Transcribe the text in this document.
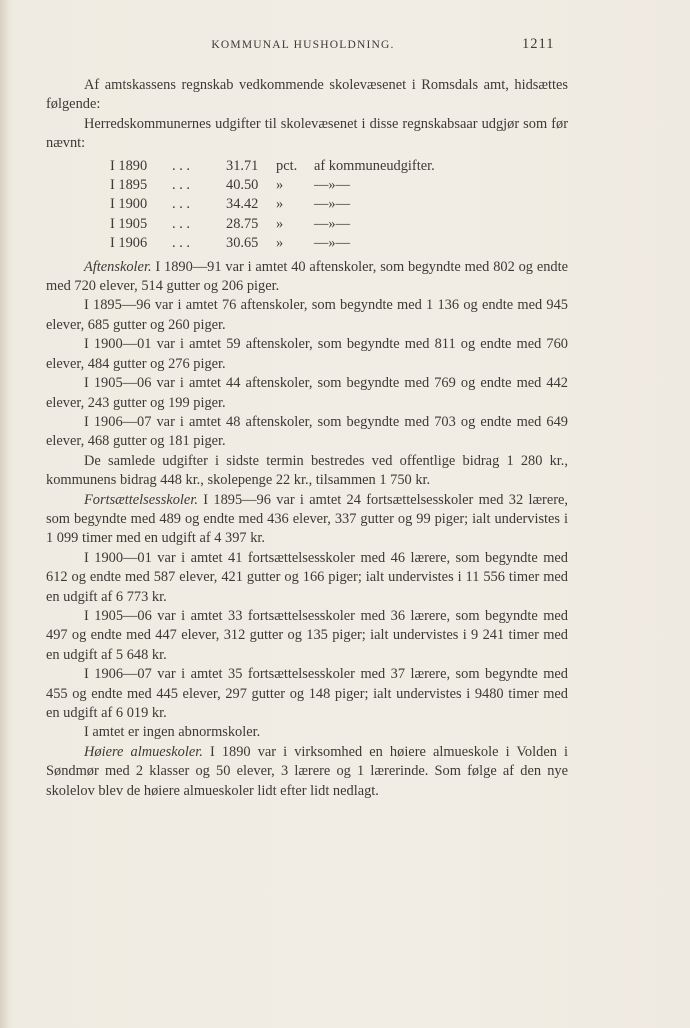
KOMMUNAL HUSHOLDNING.	1211

Af amtskassens regnskab vedkommende skolevæsenet i Romsdals amt, hidsættes følgende:

Herredskommunernes udgifter til skolevæsenet i disse regnskabsaar udgjør som før nævnt:

I 1890	. . .	31.71	pct.	af kommuneudgifter.
I 1895	. . .	40.50	»	—»—
I 1900	. . .	34.42	»	—»—
I 1905	. . .	28.75	»	—»—
I 1906	. . .	30.65	»	—»—

Aftenskoler. I 1890—91 var i amtet 40 aftenskoler, som begyndte med 802 og endte med 720 elever, 514 gutter og 206 piger.

I 1895—96 var i amtet 76 aftenskoler, som begyndte med 1 136 og endte med 945 elever, 685 gutter og 260 piger.

I 1900—01 var i amtet 59 aftenskoler, som begyndte med 811 og endte med 760 elever, 484 gutter og 276 piger.

I 1905—06 var i amtet 44 aftenskoler, som begyndte med 769 og endte med 442 elever, 243 gutter og 199 piger.

I 1906—07 var i amtet 48 aftenskoler, som begyndte med 703 og endte med 649 elever, 468 gutter og 181 piger.

De samlede udgifter i sidste termin bestredes ved offentlige bidrag 1 280 kr., kommunens bidrag 448 kr., skolepenge 22 kr., tilsammen 1 750 kr.

Fortsættelsesskoler. I 1895—96 var i amtet 24 fortsættelsesskoler med 32 lærere, som begyndte med 489 og endte med 436 elever, 337 gutter og 99 piger; ialt undervistes i 1 099 timer med en udgift af 4 397 kr.

I 1900—01 var i amtet 41 fortsættelsesskoler med 46 lærere, som begyndte med 612 og endte med 587 elever, 421 gutter og 166 piger; ialt undervistes i 11 556 timer med en udgift af 6 773 kr.

I 1905—06 var i amtet 33 fortsættelsesskoler med 36 lærere, som begyndte med 497 og endte med 447 elever, 312 gutter og 135 piger; ialt undervistes i 9 241 timer med en udgift af 5 648 kr.

I 1906—07 var i amtet 35 fortsættelsesskoler med 37 lærere, som begyndte med 455 og endte med 445 elever, 297 gutter og 148 piger; ialt undervistes i 9480 timer med en udgift af 6 019 kr.

I amtet er ingen abnormskoler.

Høiere almueskoler. I 1890 var i virksomhed en høiere almueskole i Volden i Søndmør med 2 klasser og 50 elever, 3 lærere og 1 lærerinde. Som følge af den nye skolelov blev de høiere almueskoler lidt efter lidt nedlagt.
